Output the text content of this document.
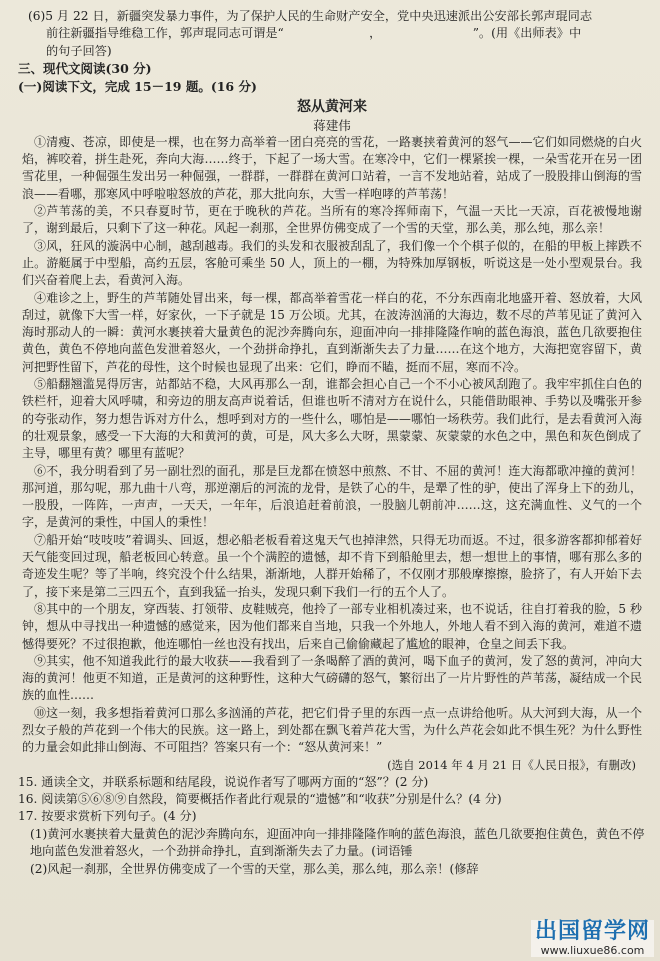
(6)5 月 22 日，新疆突发暴力事件，为了保护人民的生命财产安全，党中央迅速派出公安部长郭声琨同志
前往新疆指导维稳工作，郭声琨同志可谓是“　　　　　　　，　　　　　　　　”。(用《出师表》中
的句子回答)
三、现代文阅读(30 分)
(一)阅读下文，完成 15－19 题。(16 分)
怒从黄河来
蒋建伟

①清瘦、苍凉，即使是一棵，也在努力高举着一团白亮亮的雪花，一路裹挟着黄河的怒气——它们如同燃烧的白火焰，裤咬着，拼生赴死，奔向大海……终于，下起了一场大雪。在寒冷中，它们一棵紧挨一棵，一朵雪花开在另一团雪花里，一种倔强生发出另一种倔强，一群群，一群群在黄河口站着，一言不发地站着，站成了一股股排山倒海的雪浪——看哪，那寒风中呼啦啦怒放的芦花，那大批向东，大雪一样咆哮的芦苇荡！

②芦苇荡的美，不只春夏时节，更在于晚秋的芦花。当所有的寒冷挥师南下，气温一天比一天凉，百花被慢地谢了，谢到最后，只剩下了这一种花。风起一刹那，全世界仿佛变成了一个雪的天堂，那么美，那么纯，那么亲！

③风，狂风的漩涡中心制，越刮越毒。我们的头发和衣服被刮乱了，我们像一个个棋子似的，在船的甲板上摔跌不止。游艇属于中型船，高约五层，客舱可乘坐 50 人，顶上的一棚，为特殊加厚钢板，听说这是一处小型观景台。我们兴奋着爬上去，看黄河入海。

④难诊之上，野生的芦苇随处冒出来，每一棵，都高举着雪花一样白的花，不分东西南北地盛开着、怒放着，大风刮过，就像下大雪一样，好家伙，一下子就是 15 万公顷。尤其，在波涛汹涌的大海边，数不尽的芦苇见证了黄河入海时那动人的一瞬：黄河水裹挟着大量黄色的泥沙奔腾向东，迎面冲向一排排隆隆作响的蓝色海浪，蓝色几欲要抱住黄色，黄色不停地向蓝色发泄着怒火，一个劲拼命挣扎，直到渐渐失去了力量……在这个地方，大海把宽容留下，黄河把野性留下，芦花的母性，这个时候也显现了出来：它们，睁而不瞌，挺而不屈，寒而不冷。

⑤船翻翘滥晃得厉害，站都站不稳，大风再那么一刮，谁都会担心自己一个不小心被风刮跑了。我牢牢抓住白色的铁栏杆，迎着大风呼啸，和旁边的朋友高声说着话，但谁也听不清对方在说什么，只能借助眼神、手势以及嘴张开参的夸张动作，努力想告诉对方什么，想呼到对方的一些什么，哪怕是——哪怕一场秩劳。我们此行，是去看黄河入海的壮观景象，感受一下大海的大和黄河的黄，可是，风大多么大呀，黑蒙蒙、灰蒙蒙的水色之中，黑色和灰色倒成了主导，哪里有黄？哪里有蓝呢？

⑥不，我分明看到了另一副壮烈的面孔，那是巨龙都在愤怒中煎熬、不甘、不屈的黄河！连大海都歌冲撞的黄河！那河道，那勾呢，那九曲十八弯，那逆潮后的河流的龙骨，是铁了心的牛，是犟了性的驴，使出了浑身上下的劲儿，一股殷，一阵阵，一声声，一天天，一年年，后浪追赶着前浪，一股脑儿朝前冲……这，这充满血性、义气的一个字，是黄河的秉性，中国人的秉性！

⑦船开始“吱吱吱”着调头、回返，想必船老板看着这鬼天气也掉津然，只得无功而返。不过，很多游客都抑郁着好天气能变回过现，船老板回心转意。虽一个个满腔的遗憾，却不肯下到船舱里去，想一想世上的事情，哪有那么多的奇迹发生呢？等了半响，终究没个什么结果，渐渐地，人群开始稀了，不仅刚才那般摩擦擦，脸挤了，有人开始下去了，接下来是第二三四五个，直到我猛一抬头，发现只剩下我们一行的五个人了。

⑧其中的一个朋友，穿西装、打领带、皮鞋贼亮，他拎了一部专业相机凑过来，也不说话，往自打着我的脸，5 秒钟，想从中寻找出一种遗憾的感觉来，因为他们都来自当地，只我一个外地人，外地人看不到入海的黄河，难道不遗憾得要死？不过很抱歉，他连哪怕一丝也没有找出，后来自己偷偷藏起了尴尬的眼神，仓皇之间丢下我。

⑨其实，他不知道我此行的最大收获——我看到了一条喝醉了酒的黄河，喝下血子的黄河，发了怒的黄河，冲向大海的黄河！他更不知道，正是黄河的这种野性，这种大气磅礴的怒气，繁衍出了一片片野性的芦苇荡，凝结成一个民族的血性……

⑩这一刻，我多想指着黄河口那么多汹涌的芦花，把它们骨子里的东西一点一点讲给他听。从大河到大海，从一个烈女子般的芦花到一个伟大的民族。这一路上，到处都在飘飞着芦花大雪，为什么芦花会如此不惧生死？为什么野性的力量会如此排山倒海、不可阻挡？答案只有一个：“怒从黄河来！”

(选自 2014 年 4 月 21 日《人民日报》，有删改)
15. 通读全文，并联系标题和结尾段，说说作者写了哪两方面的“怒”？(2 分)
16. 阅读第⑤⑥⑧⑨自然段，简要概括作者此行观景的“遗憾”和“收获”分别是什么？(4 分)
17. 按要求赏析下列句子。(4 分)
(1)黄河水裹挟着大量黄色的泥沙奔腾向东，迎面冲向一排排隆隆作响的蓝色海浪，蓝色几欲要抱住黄色，黄色不停地向蓝色发泄着怒火，一个劲拼命挣扎，直到渐渐失去了力量。(词语锤
(2)风起一刹那，全世界仿佛变成了一个雪的天堂，那么美，那么纯，那么亲！(修辞
出国留学网
www.liuxue86.com
